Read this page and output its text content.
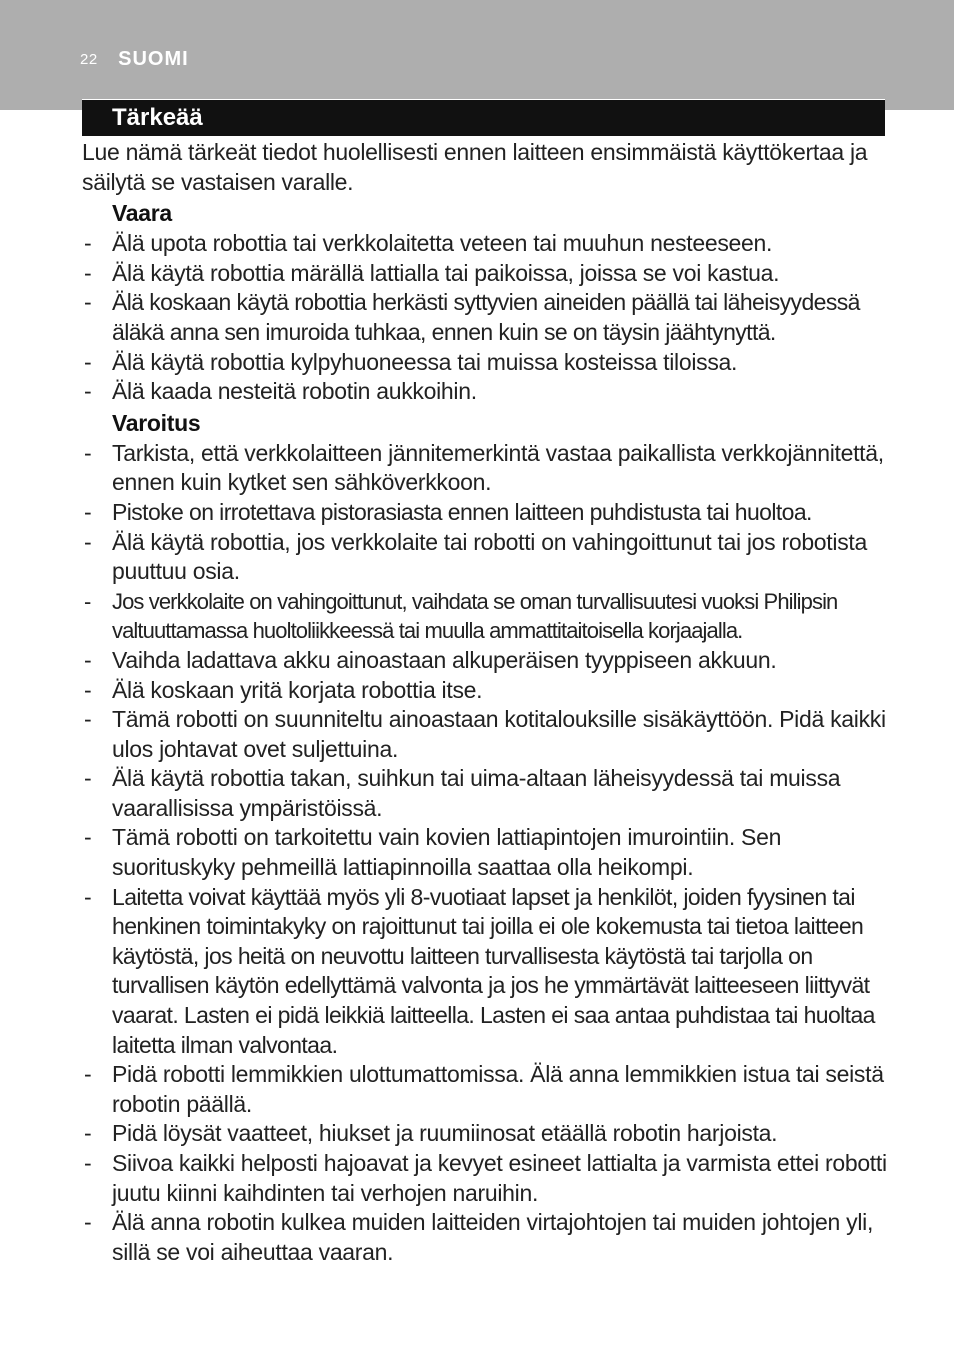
22 SUOMI
Tärkeää

Lue nämä tärkeät tiedot huolellisesti ennen laitteen ensimmäistä käyttökertaa ja säilytä se vastaisen varalle.

Vaara

- Älä upota robottia tai verkkolaitetta veteen tai muuhun nesteeseen.
- Älä käytä robottia märällä lattialla tai paikoissa, joissa se voi kastua.
- Älä koskaan käytä robottia herkästi syttyvien aineiden päällä tai läheisyydessä äläkä anna sen imuroida tuhkaa, ennen kuin se on täysin jäähtynyttä.
- Älä käytä robottia kylpyhuoneessa tai muissa kosteissa tiloissa.
- Älä kaada nesteitä robotin aukkoihin.

Varoitus

- Tarkista, että verkkolaitteen jännitemerkintä vastaa paikallista verkkojännitettä, ennen kuin kytket sen sähköverkkoon.
- Pistoke on irrotettava pistorasiasta ennen laitteen puhdistusta tai huoltoa.
- Älä käytä robottia, jos verkkolaite tai robotti on vahingoittunut tai jos robotista puuttuu osia.
- Jos verkkolaite on vahingoittunut, vaihdata se oman turvallisuutesi vuoksi Philipsin valtuuttamassa huoltoliikkeessä tai muulla ammattitaitoisella korjaajalla.
- Vaihda ladattava akku ainoastaan alkuperäisen tyyppiseen akkuun.
- Älä koskaan yritä korjata robottia itse.
- Tämä robotti on suunniteltu ainoastaan kotitalouksille sisäkäyttöön. Pidä kaikki ulos johtavat ovet suljettuina.
- Älä käytä robottia takan, suihkun tai uima-altaan läheisyydessä tai muissa vaarallisissa ympäristöissä.
- Tämä robotti on tarkoitettu vain kovien lattiapintojen imurointiin. Sen suorituskyky pehmeillä lattiapinnoilla saattaa olla heikompi.
- Laitetta voivat käyttää myös yli 8-vuotiaat lapset ja henkilöt, joiden fyysinen tai henkinen toimintakyky on rajoittunut tai joilla ei ole kokemusta tai tietoa laitteen käytöstä, jos heitä on neuvottu laitteen turvallisesta käytöstä tai tarjolla on turvallisen käytön edellyttämä valvonta ja jos he ymmärtävät laitteeseen liittyvät vaarat. Lasten ei pidä leikkiä laitteella. Lasten ei saa antaa puhdistaa tai huoltaa laitetta ilman valvontaa.
- Pidä robotti lemmikkien ulottumattomissa. Älä anna lemmikkien istua tai seistä robotin päällä.
- Pidä löysät vaatteet, hiukset ja ruumiinosat etäällä robotin harjoista.
- Siivoa kaikki helposti hajoavat ja kevyet esineet lattialta ja varmista ettei robotti juutu kiinni kaihdinten tai verhojen naruihin.
- Älä anna robotin kulkea muiden laitteiden virtajohtojen tai muiden johtojen yli, sillä se voi aiheuttaa vaaran.
